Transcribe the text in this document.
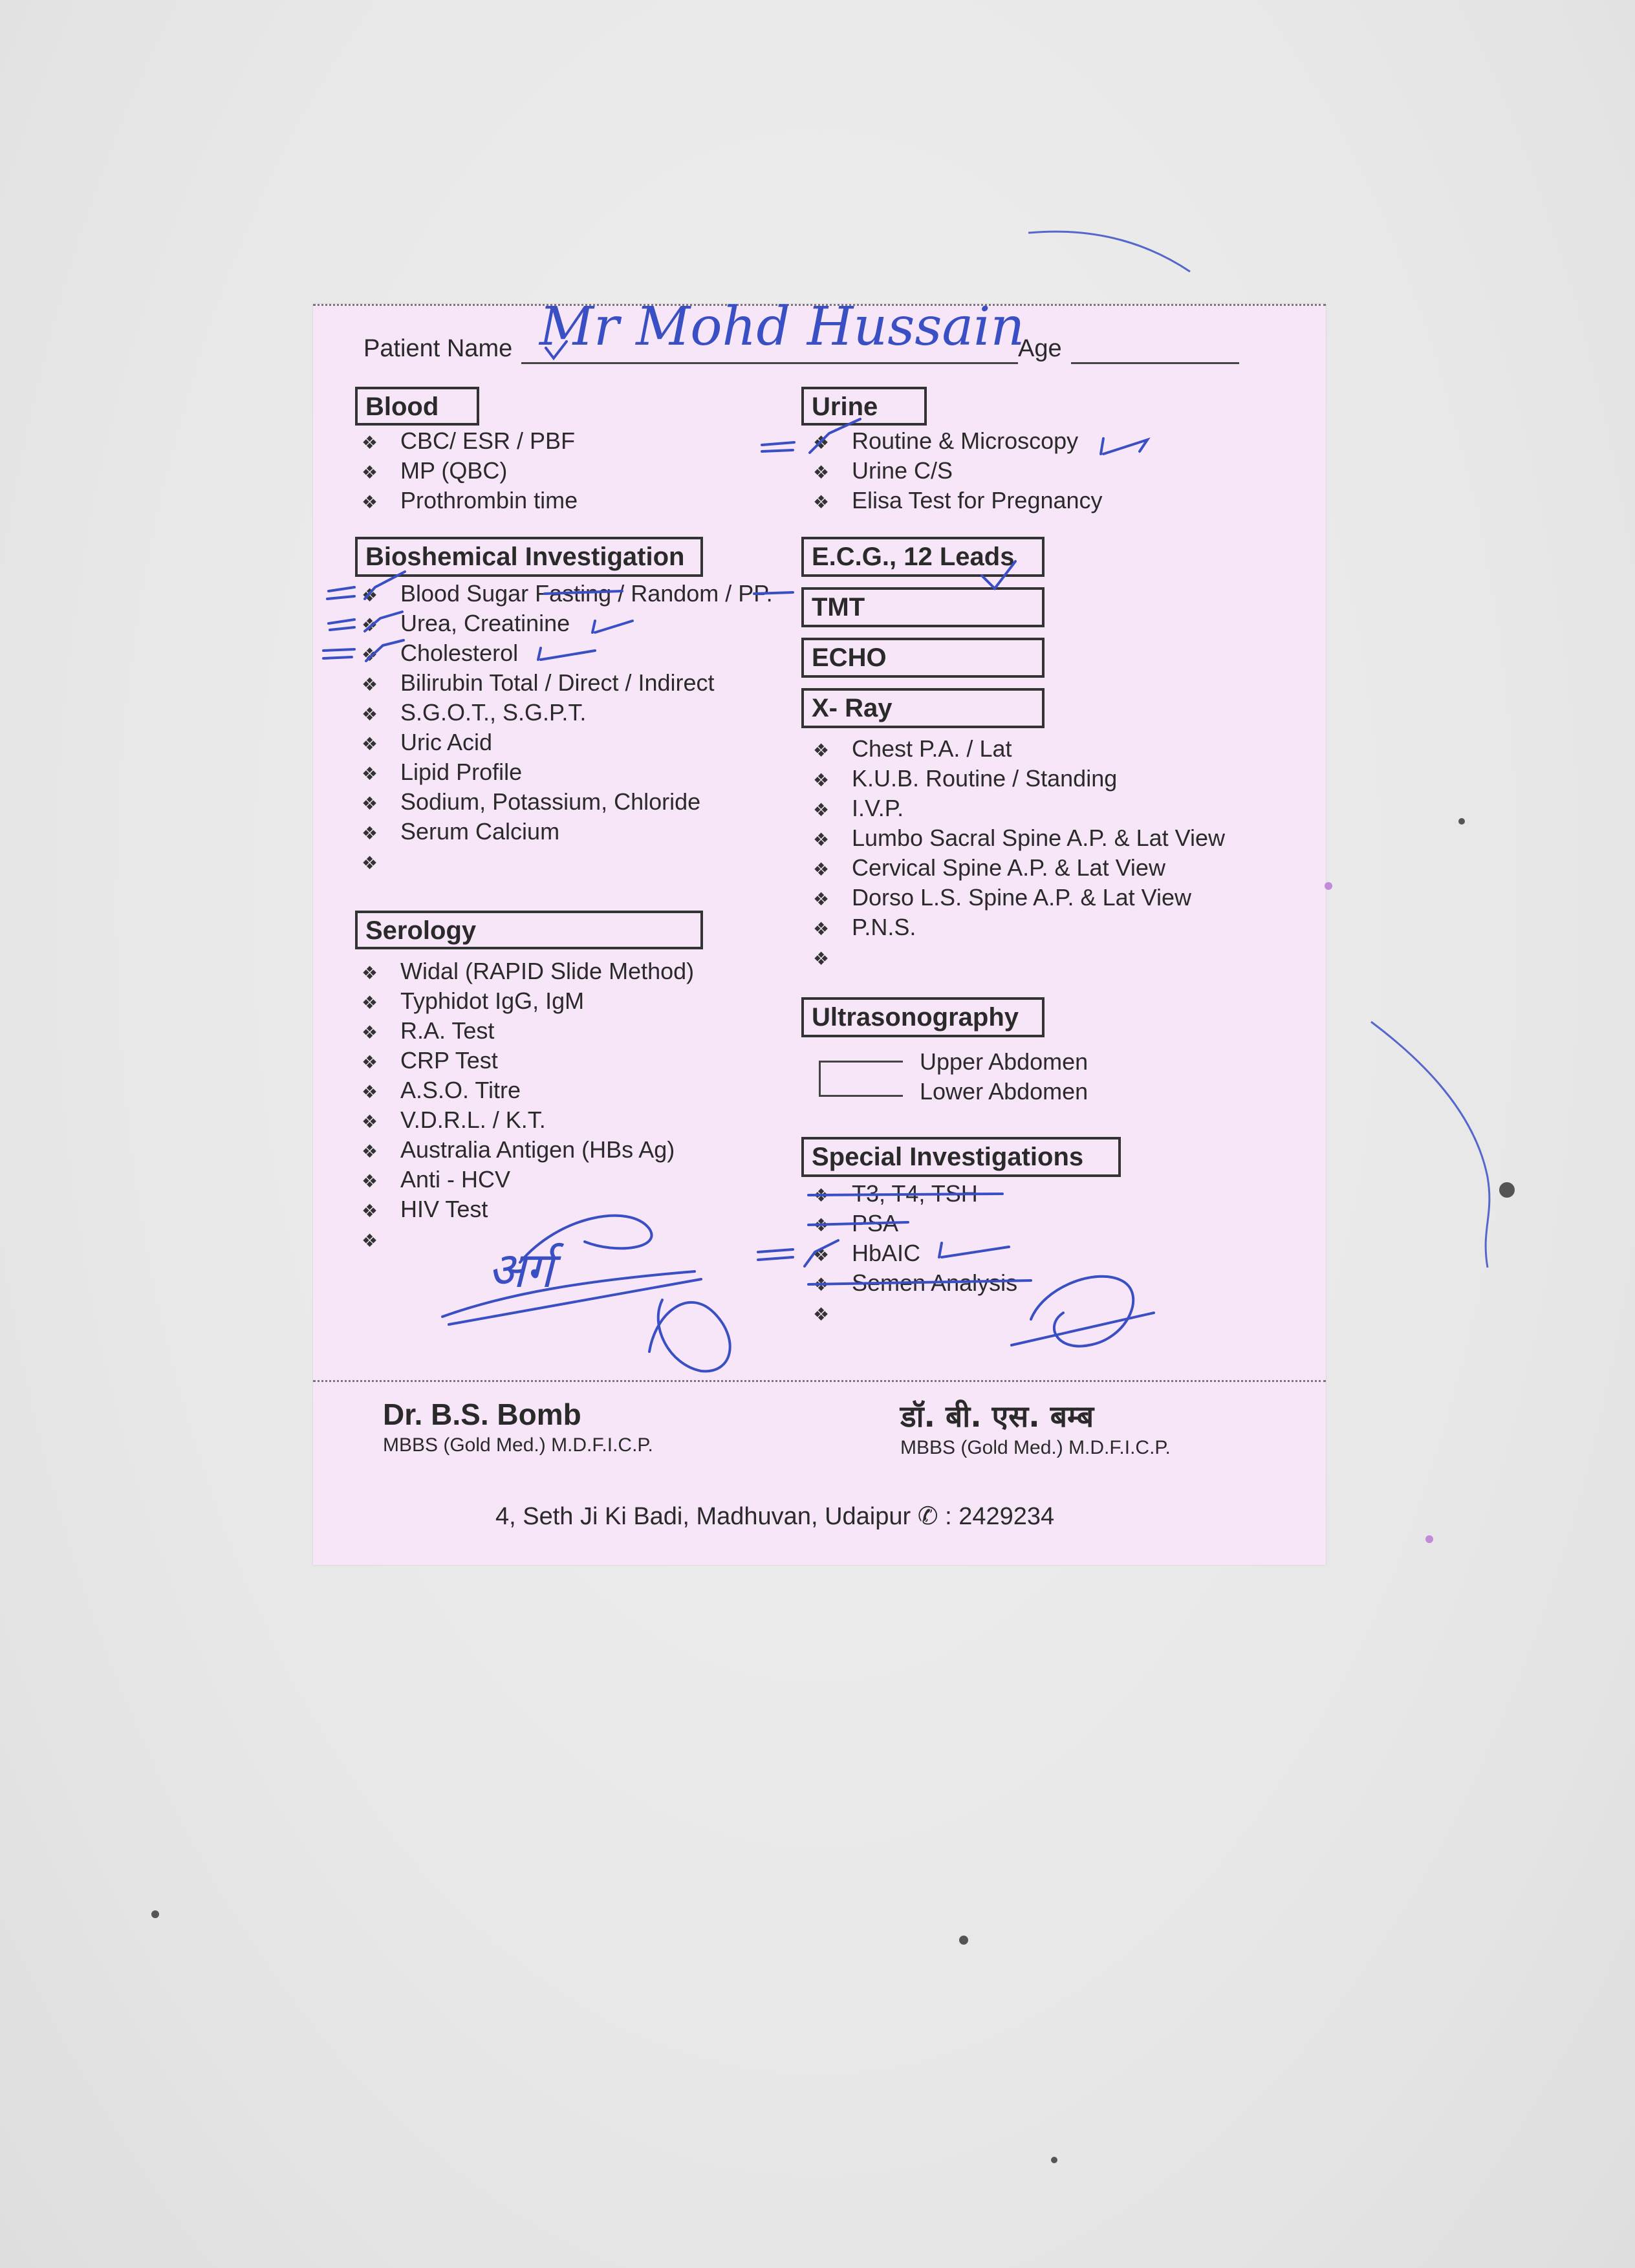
Patient Name Mr Mohd Hussain
Age
Blood
❖ CBC/ ESR / PBF
❖ MP (QBC)
❖ Prothrombin time
Bioshemical Investigation
❖ Blood Sugar Fasting / Random / PP.
❖ Urea, Creatinine
❖ Cholesterol
❖ Bilirubin Total / Direct / Indirect
❖ S.G.O.T., S.G.P.T.
❖ Uric Acid
❖ Lipid Profile
❖ Sodium, Potassium, Chloride
❖ Serum Calcium
❖
Serology
❖ Widal (RAPID Slide Method)
❖ Typhidot IgG, IgM
❖ R.A. Test
❖ CRP Test
❖ A.S.O. Titre
❖ V.D.R.L. / K.T.
❖ Australia Antigen (HBs Ag)
❖ Anti - HCV
❖ HIV Test
❖
Urine
❖ Routine & Microscopy
❖ Urine C/S
❖ Elisa Test for Pregnancy
E.C.G., 12 Leads
TMT
ECHO
X- Ray
❖ Chest P.A. / Lat
❖ K.U.B. Routine / Standing
❖ I.V.P.
❖ Lumbo Sacral Spine A.P. & Lat View
❖ Cervical Spine A.P. & Lat View
❖ Dorso L.S. Spine A.P. & Lat View
❖ P.N.S.
❖
Ultrasonography
Upper Abdomen
Lower Abdomen
Special Investigations
❖ T3, T4, TSH
❖ PSA
❖ HbAIC
❖ Semen Analysis
❖
अर्ग
Dr. B.S. Bomb
MBBS (Gold Med.) M.D.F.I.C.P.
डॉ. बी. एस. बम्ब
MBBS (Gold Med.) M.D.F.I.C.P.
4, Seth Ji Ki Badi, Madhuvan, Udaipur ✆ : 2429234
